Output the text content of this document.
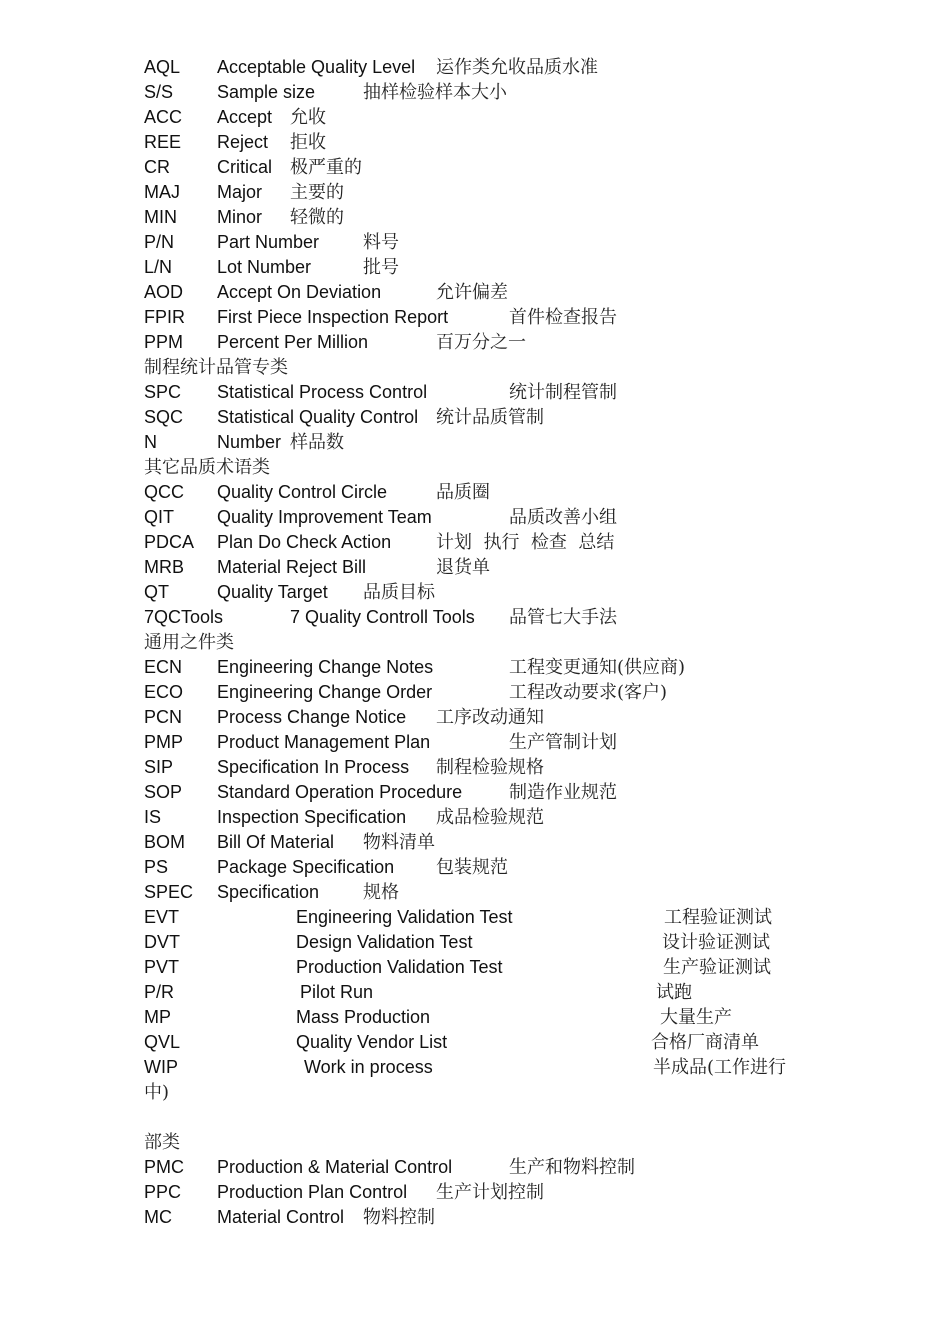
AQL Acceptable Quality Level 运作类允收品质水准
S/S Sample size	抽样检验样本大小
ACC Accept 允收
REE Reject 拒收
CR	Critical 极严重的
MAJ Major 主要的
MIN Minor 轻微的
P/N Part Number 料号
L/N Lot Number	批号
AOD Accept On Deviation	允许偏差
FPIR First Piece Inspection Report	首件检查报告
PPM Percent Per Million	百万分之一
制程统计品管专类
SPC Statistical Process Control	统计制程管制
SQC Statistical Quality Control 统计品质管制
N	Number 样品数
其它品质术语类
QCC Quality Control Circle	品质圈
QIT Quality Improvement Team	品质改善小组
PDCA Plan Do Check Action 计划  执行  检查  总结
MRB Material Reject Bill	退货单
QT	Quality Target 品质目标
7QCTools	7 Quality Controll Tools 品管七大手法
通用之件类
ECN Engineering Change Notes	工程变更通知(供应商)
ECO Engineering Change Order	工程改动要求(客户)
PCN Process Change Notice 工序改动通知
PMP Product Management Plan	生产管制计划
SIP Specification In Process 制程检验规格
SOP Standard Operation Procedure	制造作业规范
IS	Inspection Specification 成品检验规范
BOM Bill Of Material 物料清单
PS	Package Specification 包装规范
SPEC Specification 规格
EVT	Engineering Validation Test	工程验证测试
DVT	Design Validation Test	设计验证测试
PVT	Production Validation Test	生产验证测试
P/R	Pilot Run	试跑
MP	Mass Production	大量生产
QVL	Quality Vendor List	合格厂商清单
WIP	Work in process	半成品(工作进行
中)
部类
PMC Production & Material Control	生产和物料控制
PPC Production Plan Control 生产计划控制
MC	Material Control 物料控制
